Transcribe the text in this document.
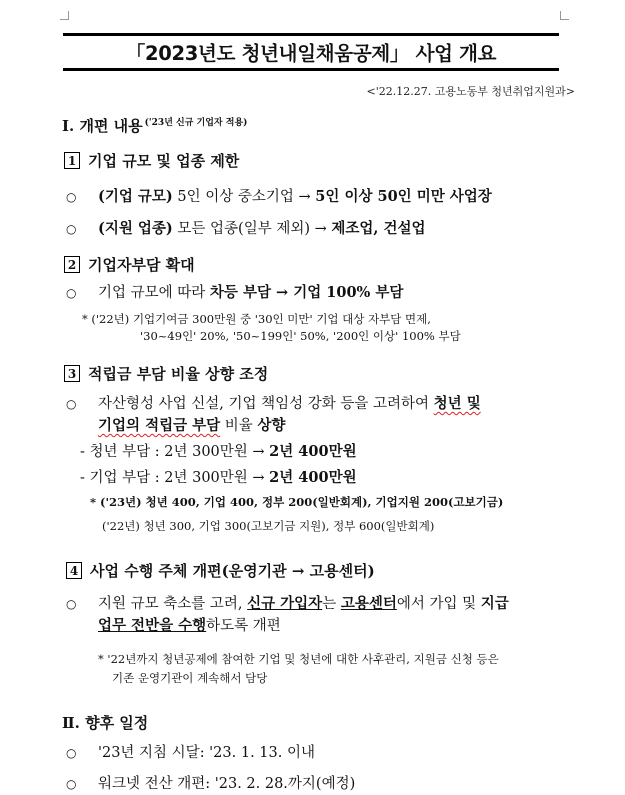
「2023년도 청년내일채움공제」 사업 개요
<'22.12.27. 고용노동부 청년취업지원과>
Ⅰ. 개편 내용 $^{('23년 신규 기업자 적용)}$
1 기업 규모 및 업종 제한
○ (기업 규모) 5인 이상 중소기업 → 5인 이상 50인 미만 사업장
○ (지원 업종) 모든 업종(일부 제외) → 제조업, 건설업
2 기업자부담 확대
○ 기업 규모에 따라 차등 부담 → 기업 100% 부담
* ('22년) 기업기여금 300만원 중 '30인 미만' 기업 대상 자부담 면제,
'30~49인' 20%, '50~199인' 50%, '200인 이상' 100% 부담
3 적립금 부담 비율 상향 조정
○ 자산형성 사업 신설, 기업 책임성 강화 등을 고려하여 청년 및
기업의 적립금 부담 비율 상향
- 청년 부담 : 2년 300만원 → 2년 400만원
- 기업 부담 : 2년 300만원 → 2년 400만원
* ('23년) 청년 400, 기업 400, 정부 200(일반회계), 기업지원 200(고보기금)
('22년) 청년 300, 기업 300(고보기금 지원), 정부 600(일반회계)
4 사업 수행 주체 개편(운영기관 → 고용센터)
○ 지원 규모 축소를 고려, 신규 가입자는 고용센터에서 가입 및 지급
업무 전반을 수행하도록 개편
* '22년까지 청년공제에 참여한 기업 및 청년에 대한 사후관리, 지원금 신청 등은
기존 운영기관이 계속해서 담당
Ⅱ. 향후 일정
○ '23년 지침 시달: '23. 1. 13. 이내
○ 워크넷 전산 개편: '23. 2. 28.까지(예정)
